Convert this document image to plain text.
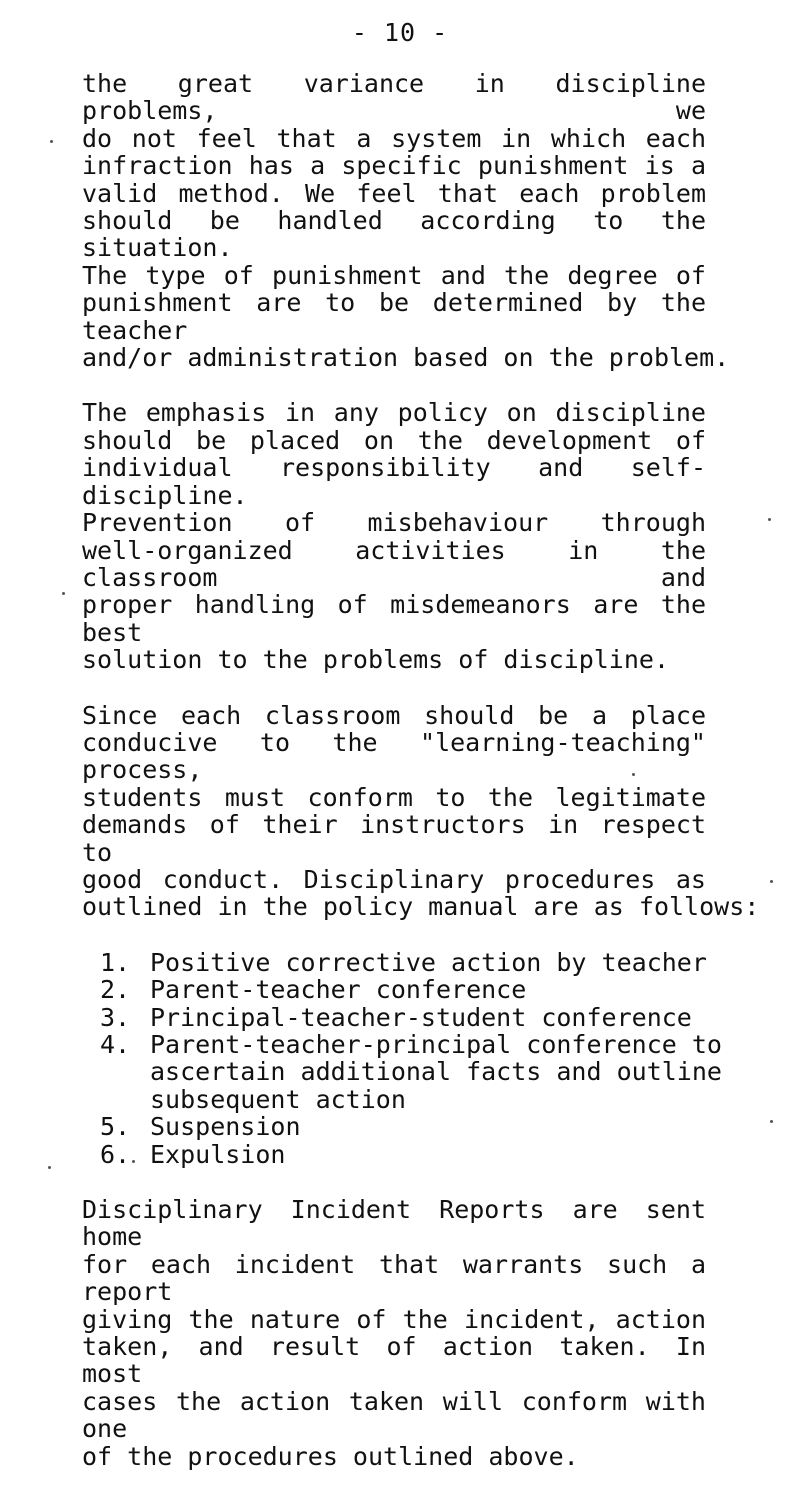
- 10 -
the great variance in discipline problems, we
do not feel that a system in which each
infraction has a specific punishment is a
valid method. We feel that each problem
should be handled according to the situation.
The type of punishment and the degree of
punishment are to be determined by the teacher
and/or administration based on the problem.
The emphasis in any policy on discipline
should be placed on the development of
individual responsibility and self-discipline.
Prevention of misbehaviour through
well-organized activities in the classroom and
proper handling of misdemeanors are the best
solution to the problems of discipline.
Since each classroom should be a place
conducive to the "learning-teaching" process,
students must conform to the legitimate
demands of their instructors in respect to
good conduct. Disciplinary procedures as
outlined in the policy manual are as follows:
1. Positive corrective action by teacher
2. Parent-teacher conference
3. Principal-teacher-student conference
4. Parent-teacher-principal conference to
ascertain additional facts and outline
subsequent action
5. Suspension
6. Expulsion
Disciplinary Incident Reports are sent home
for each incident that warrants such a report
giving the nature of the incident, action
taken, and result of action taken. In most
cases the action taken will conform with one
of the procedures outlined above.
